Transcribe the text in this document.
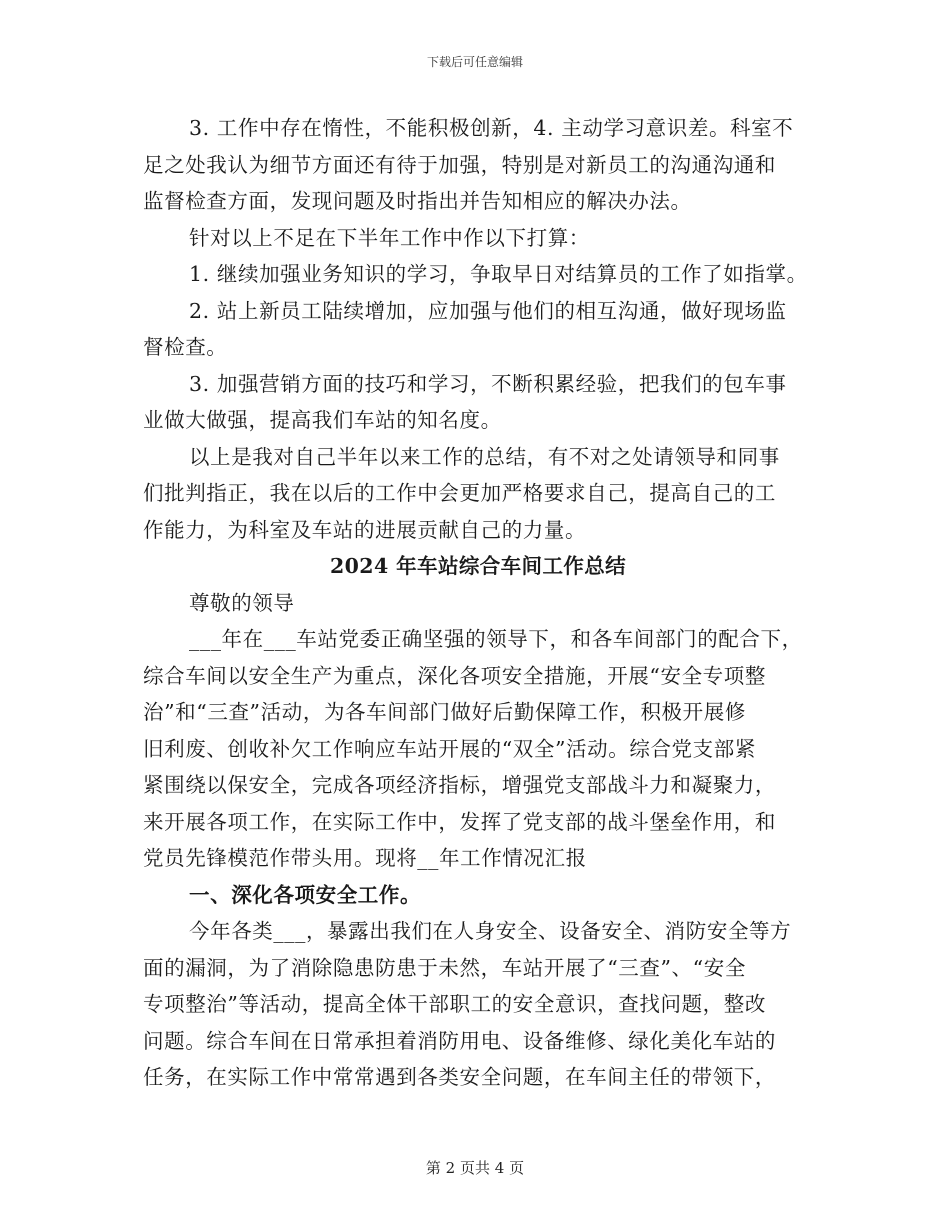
下载后可任意编辑
3. 工作中存在惰性，不能积极创新，4. 主动学习意识差。科室不
足之处我认为细节方面还有待于加强，特别是对新员工的沟通沟通和
监督检查方面，发现问题及时指出并告知相应的解决办法。
针对以上不足在下半年工作中作以下打算：
1. 继续加强业务知识的学习，争取早日对结算员的工作了如指掌。
2. 站上新员工陆续增加，应加强与他们的相互沟通，做好现场监
督检查。
3. 加强营销方面的技巧和学习，不断积累经验，把我们的包车事
业做大做强，提高我们车站的知名度。
以上是我对自己半年以来工作的总结，有不对之处请领导和同事
们批判指正，我在以后的工作中会更加严格要求自己，提高自己的工
作能力，为科室及车站的进展贡献自己的力量。
2024 年车站综合车间工作总结
尊敬的领导
___年在___车站党委正确坚强的领导下，和各车间部门的配合下，
综合车间以安全生产为重点，深化各项安全措施，开展“安全专项整
治”和“三查”活动，为各车间部门做好后勤保障工作，积极开展修
旧利废、创收补欠工作响应车站开展的“双全”活动。综合党支部紧
紧围绕以保安全，完成各项经济指标，增强党支部战斗力和凝聚力，
来开展各项工作，在实际工作中，发挥了党支部的战斗堡垒作用，和
党员先锋模范作带头用。现将__年工作情况汇报
一、深化各项安全工作。
今年各类___，暴露出我们在人身安全、设备安全、消防安全等方
面的漏洞，为了消除隐患防患于未然，车站开展了“三查”、“安全
专项整治”等活动，提高全体干部职工的安全意识，查找问题，整改
问题。综合车间在日常承担着消防用电、设备维修、绿化美化车站的
任务，在实际工作中常常遇到各类安全问题，在车间主任的带领下，
第 2 页共 4 页
